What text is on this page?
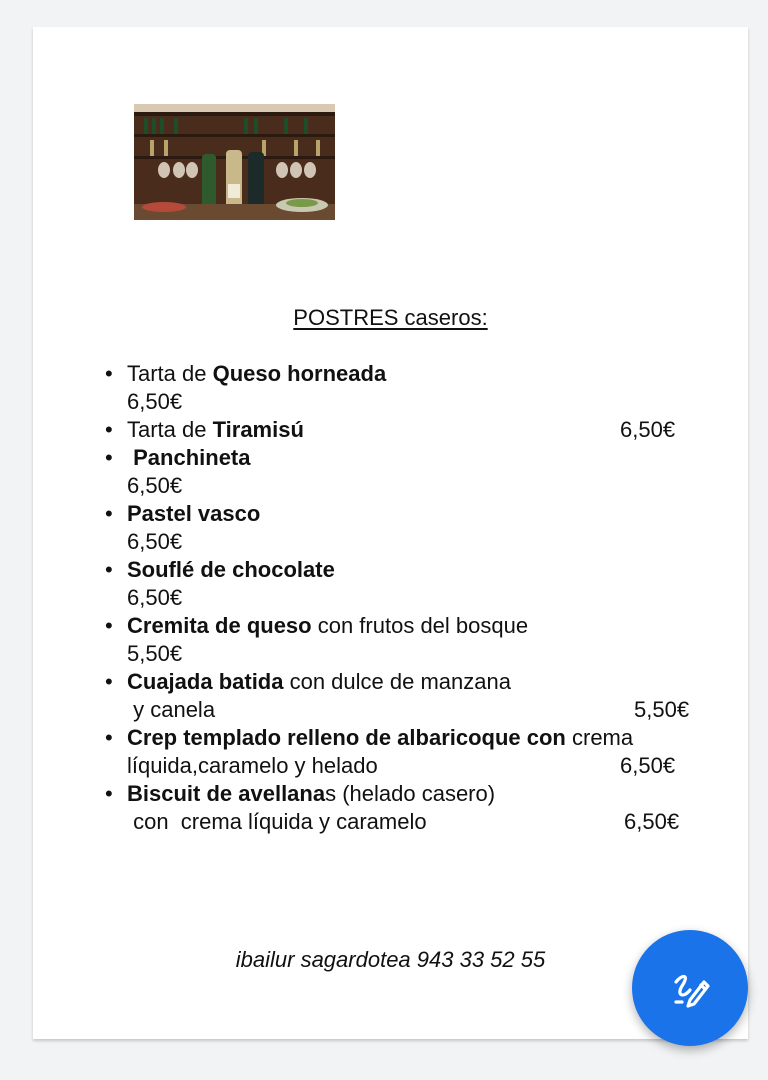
POSTRES caseros:
• Tarta de Queso horneada
6,50€
• Tarta de Tiramisú	6,50€
• Panchineta
6,50€
• Pastel vasco
6,50€
• Souflé de chocolate
6,50€
• Cremita de queso con frutos del bosque
5,50€
• Cuajada batida con dulce de manzana
y canela	5,50€
• Crep templado relleno de albaricoque con crema
líquida,caramelo y helado	6,50€
• Biscuit de avellanas (helado casero)
con  crema líquida y caramelo	6,50€
ibailur sagardotea 943 33 52 55
